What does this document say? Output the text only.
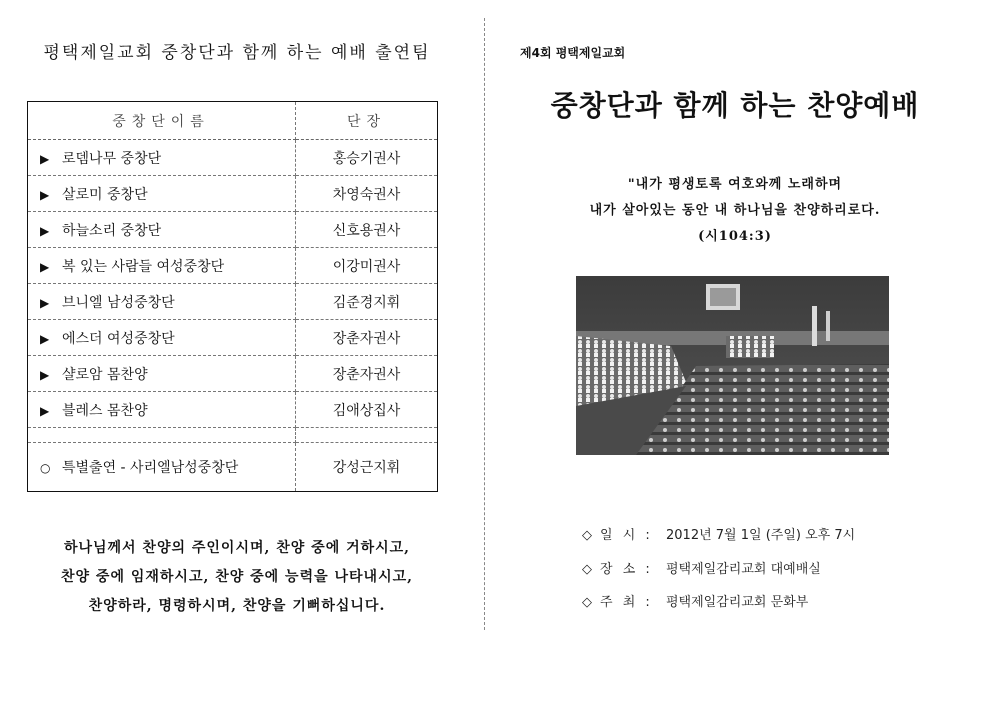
평택제일교회 중창단과 함께 하는 예배 출연팀
중창단이름	단장
▶ 로뎀나무 중창단	홍승기권사
▶ 살로미 중창단	차영숙권사
▶ 하늘소리 중창단	신호용권사
▶ 복 있는 사람들 여성중창단	이강미권사
▶ 브니엘 남성중창단	김준경지휘
▶ 에스더 여성중창단	장춘자권사
▶ 샬로암 몸찬양	장춘자권사
▶ 블레스 몸찬양	김애상집사

○ 특별출연 - 사리엘남성중창단	강성근지휘
하나님께서 찬양의 주인이시며, 찬양 중에 거하시고,
찬양 중에 임재하시고, 찬양 중에 능력을 나타내시고,
찬양하라, 명령하시며, 찬양을 기뻐하십니다.
제4회 평택제일교회
중창단과 함께 하는 찬양예배
"내가 평생토록 여호와께 노래하며
내가 살아있는 동안 내 하나님을 찬양하리로다.
(시104:3)
◇ 일 시 : 2012년 7월 1일 (주일) 오후 7시
◇ 장 소 : 평택제일감리교회 대예배실
◇ 주 최 : 평택제일감리교회 문화부
